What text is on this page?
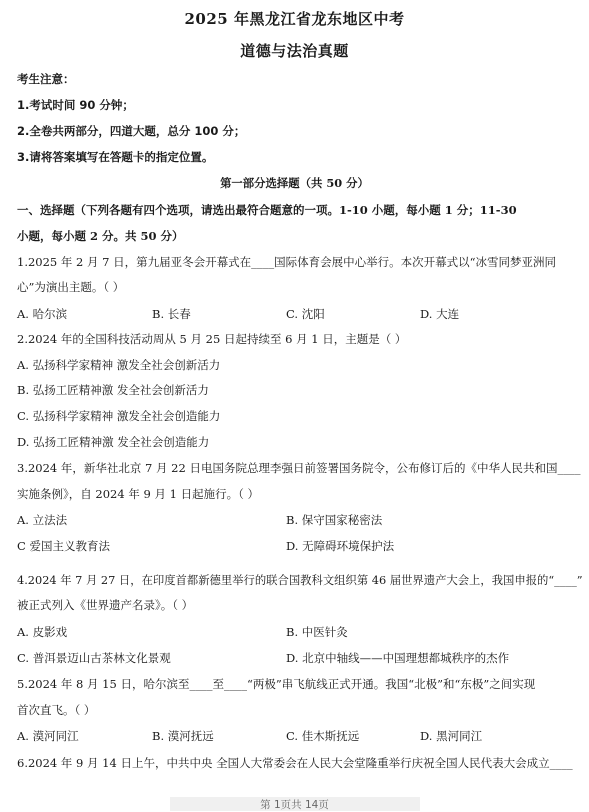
2025 年黑龙江省龙东地区中考
道德与法治真题
考生注意：
1.考试时间 90 分钟；
2.全卷共两部分，四道大题，总分 100 分；
3.请将答案填写在答题卡的指定位置。
第一部分选择题（共 50 分）
一、选择题（下列各题有四个选项，请选出最符合题意的一项。1-10 小题，每小题 1 分；11-30
小题，每小题 2 分。共 50 分）
1.2025 年 2 月 7 日，第九届亚冬会开幕式在____国际体育会展中心举行。本次开幕式以“冰雪同梦亚洲同
心”为演出主题。（ ）
A. 哈尔滨	B. 长春	C. 沈阳	D. 大连
2.2024 年的全国科技活动周从 5 月 25 日起持续至 6 月 1 日，主题是（ ）
A. 弘扬科学家精神 激发全社会创新活力
B. 弘扬工匠精神激 发全社会创新活力
C. 弘扬科学家精神 激发全社会创造能力
D. 弘扬工匠精神激 发全社会创造能力
3.2024 年，新华社北京 7 月 22 日电国务院总理李强日前签署国务院令，公布修订后的《中华人民共和国____
实施条例》，自 2024 年 9 月 1 日起施行。（ ）
A. 立法法	B. 保守国家秘密法
C 爱国主义教育法	D. 无障碍环境保护法
4.2024 年 7 月 27 日，在印度首都新德里举行的联合国教科文组织第 46 届世界遗产大会上，我国申报的“____”
被正式列入《世界遗产名录》。（ ）
A. 皮影戏	B. 中医针灸
C. 普洱景迈山古茶林文化景观	D. 北京中轴线——中国理想都城秩序的杰作
5.2024 年 8 月 15 日，哈尔滨至____至____“两极”串飞航线正式开通。我国“北极”和“东极”之间实现
首次直飞。（ ）
A. 漠河同江	B. 漠河抚远	C. 佳木斯抚远	D. 黑河同江
6.2024 年 9 月 14 日上午，中共中央 全国人大常委会在人民大会堂隆重举行庆祝全国人民代表大会成立____
第 1页共 14页
